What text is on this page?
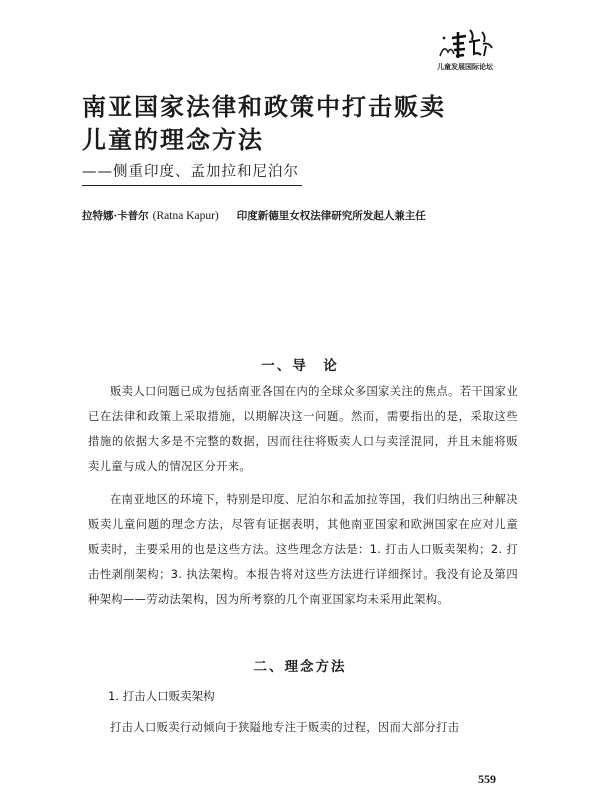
儿童发展国际论坛
南亚国家法律和政策中打击贩卖
儿童的理念方法
——侧重印度、孟加拉和尼泊尔
拉特娜·卡普尔 (Ratna Kapur) 印度新德里女权法律研究所发起人兼主任
一、导　论
贩卖人口问题已成为包括南亚各国在内的全球众多国家关注的焦点。若干国家业已在法律和政策上采取措施，以期解决这一问题。然而，需要指出的是，采取这些措施的依据大多是不完整的数据，因而往往将贩卖人口与卖淫混同，并且未能将贩卖儿童与成人的情况区分开来。
在南亚地区的环境下，特别是印度、尼泊尔和孟加拉等国，我们归纳出三种解决贩卖儿童问题的理念方法，尽管有证据表明，其他南亚国家和欧洲国家在应对儿童贩卖时，主要采用的也是这些方法。这些理念方法是：1. 打击人口贩卖架构；2. 打击性剥削架构；3. 执法架构。本报告将对这些方法进行详细探讨。我没有论及第四种架构——劳动法架构，因为所考察的几个南亚国家均未采用此架构。
二、理念方法
1. 打击人口贩卖架构
打击人口贩卖行动倾向于狭隘地专注于贩卖的过程，因而大部分打击
559
